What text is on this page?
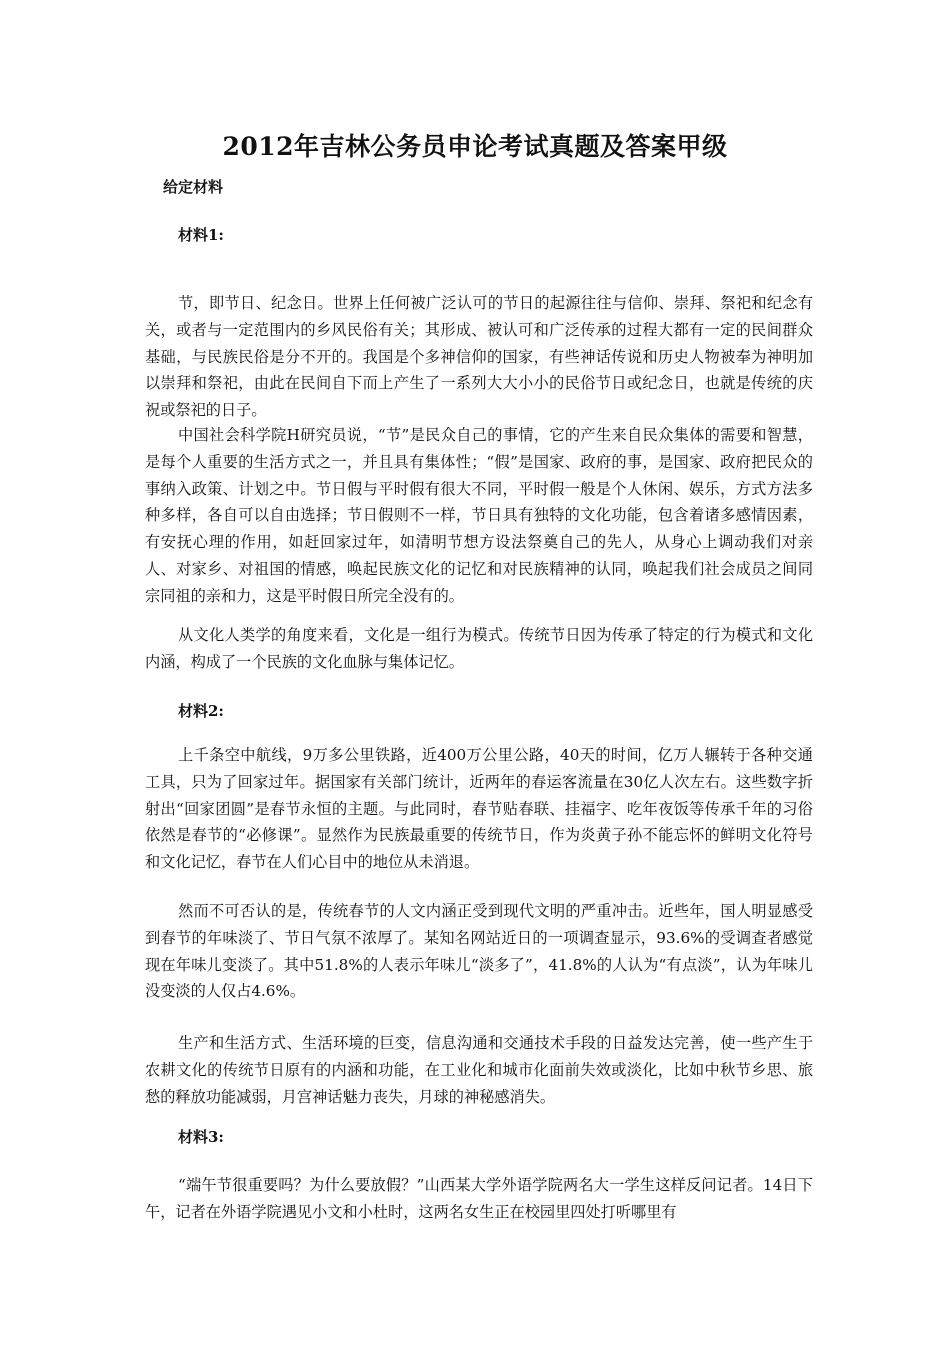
2012年吉林公务员申论考试真题及答案甲级
给定材料
材料1:

节，即节日、纪念日。世界上任何被广泛认可的节日的起源往往与信仰、崇拜、祭祀和纪念有关，或者与一定范围内的乡风民俗有关；其形成、被认可和广泛传承的过程大都有一定的民间群众基础，与民族民俗是分不开的。我国是个多神信仰的国家，有些神话传说和历史人物被奉为神明加以崇拜和祭祀，由此在民间自下而上产生了一系列大大小小的民俗节日或纪念日，也就是传统的庆祝或祭祀的日子。

中国社会科学院H研究员说，“节”是民众自己的事情，它的产生来自民众集体的需要和智慧，是每个人重要的生活方式之一，并且具有集体性；“假”是国家、政府的事，是国家、政府把民众的事纳入政策、计划之中。节日假与平时假有很大不同，平时假一般是个人休闲、娱乐，方式方法多种多样，各自可以自由选择；节日假则不一样，节日具有独特的文化功能，包含着诸多感情因素，有安抚心理的作用，如赶回家过年，如清明节想方设法祭奠自己的先人，从身心上调动我们对亲人、对家乡、对祖国的情感，唤起民族文化的记忆和对民族精神的认同，唤起我们社会成员之间同宗同祖的亲和力，这是平时假日所完全没有的。

从文化人类学的角度来看，文化是一组行为模式。传统节日因为传承了特定的行为模式和文化内涵，构成了一个民族的文化血脉与集体记忆。

材料2:

上千条空中航线，9万多公里铁路，近400万公里公路，40天的时间，亿万人辗转于各种交通工具，只为了回家过年。据国家有关部门统计，近两年的春运客流量在30亿人次左右。这些数字折射出“回家团圆”是春节永恒的主题。与此同时，春节贴春联、挂福字、吃年夜饭等传承千年的习俗依然是春节的“必修课”。显然作为民族最重要的传统节日，作为炎黄子孙不能忘怀的鲜明文化符号和文化记忆，春节在人们心目中的地位从未消退。

然而不可否认的是，传统春节的人文内涵正受到现代文明的严重冲击。近些年，国人明显感受到春节的年味淡了、节日气氛不浓厚了。某知名网站近日的一项调查显示，93.6%的受调查者感觉现在年味儿变淡了。其中51.8%的人表示年味儿“淡多了”，41.8%的人认为“有点淡”，认为年味儿没变淡的人仅占4.6%。

生产和生活方式、生活环境的巨变，信息沟通和交通技术手段的日益发达完善，使一些产生于农耕文化的传统节日原有的内涵和功能，在工业化和城市化面前失效或淡化，比如中秋节乡思、旅愁的释放功能减弱，月宫神话魅力丧失，月球的神秘感消失。

材料3:

“端午节很重要吗？为什么要放假？”山西某大学外语学院两名大一学生这样反问记者。14日下午，记者在外语学院遇见小文和小杜时，这两名女生正在校园里四处打听哪里有
